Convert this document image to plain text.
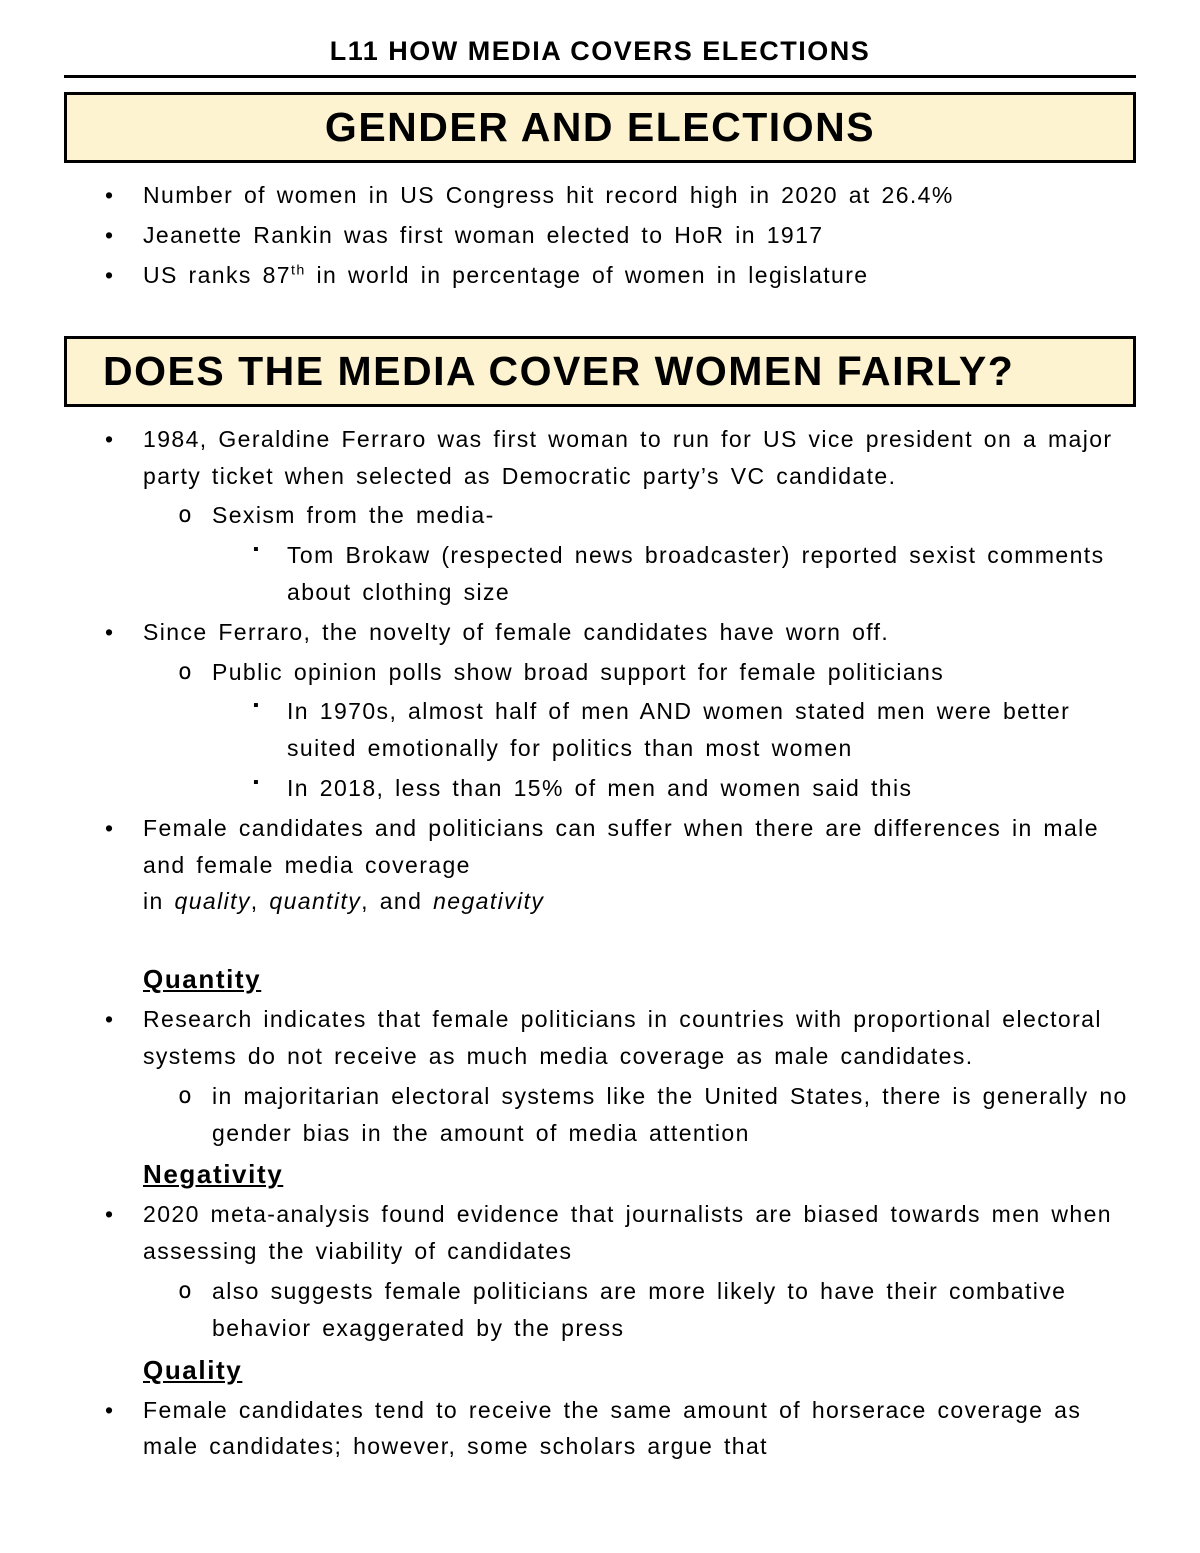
L11 HOW MEDIA COVERS ELECTIONS
GENDER AND ELECTIONS
• Number of women in US Congress hit record high in 2020 at 26.4%
• Jeanette Rankin was first woman elected to HoR in 1917
• US ranks 87th in world in percentage of women in legislature
DOES THE MEDIA COVER WOMEN FAIRLY?
• 1984, Geraldine Ferraro was first woman to run for US vice president on a major party ticket when selected as Democratic party’s VC candidate.
o Sexism from the media-
▪ Tom Brokaw (respected news broadcaster) reported sexist comments about clothing size
• Since Ferraro, the novelty of female candidates have worn off.
o Public opinion polls show broad support for female politicians
▪ In 1970s, almost half of men AND women stated men were better suited emotionally for politics than most women
▪ In 2018, less than 15% of men and women said this
• Female candidates and politicians can suffer when there are differences in male and female media coverage
in quality, quantity, and negativity
Quantity
• Research indicates that female politicians in countries with proportional electoral systems do not receive as much media coverage as male candidates.
o in majoritarian electoral systems like the United States, there is generally no gender bias in the amount of media attention
Negativity
• 2020 meta-analysis found evidence that journalists are biased towards men when assessing the viability of candidates
o also suggests female politicians are more likely to have their combative behavior exaggerated by the press
Quality
• Female candidates tend to receive the same amount of horserace coverage as male candidates; however, some scholars argue that
